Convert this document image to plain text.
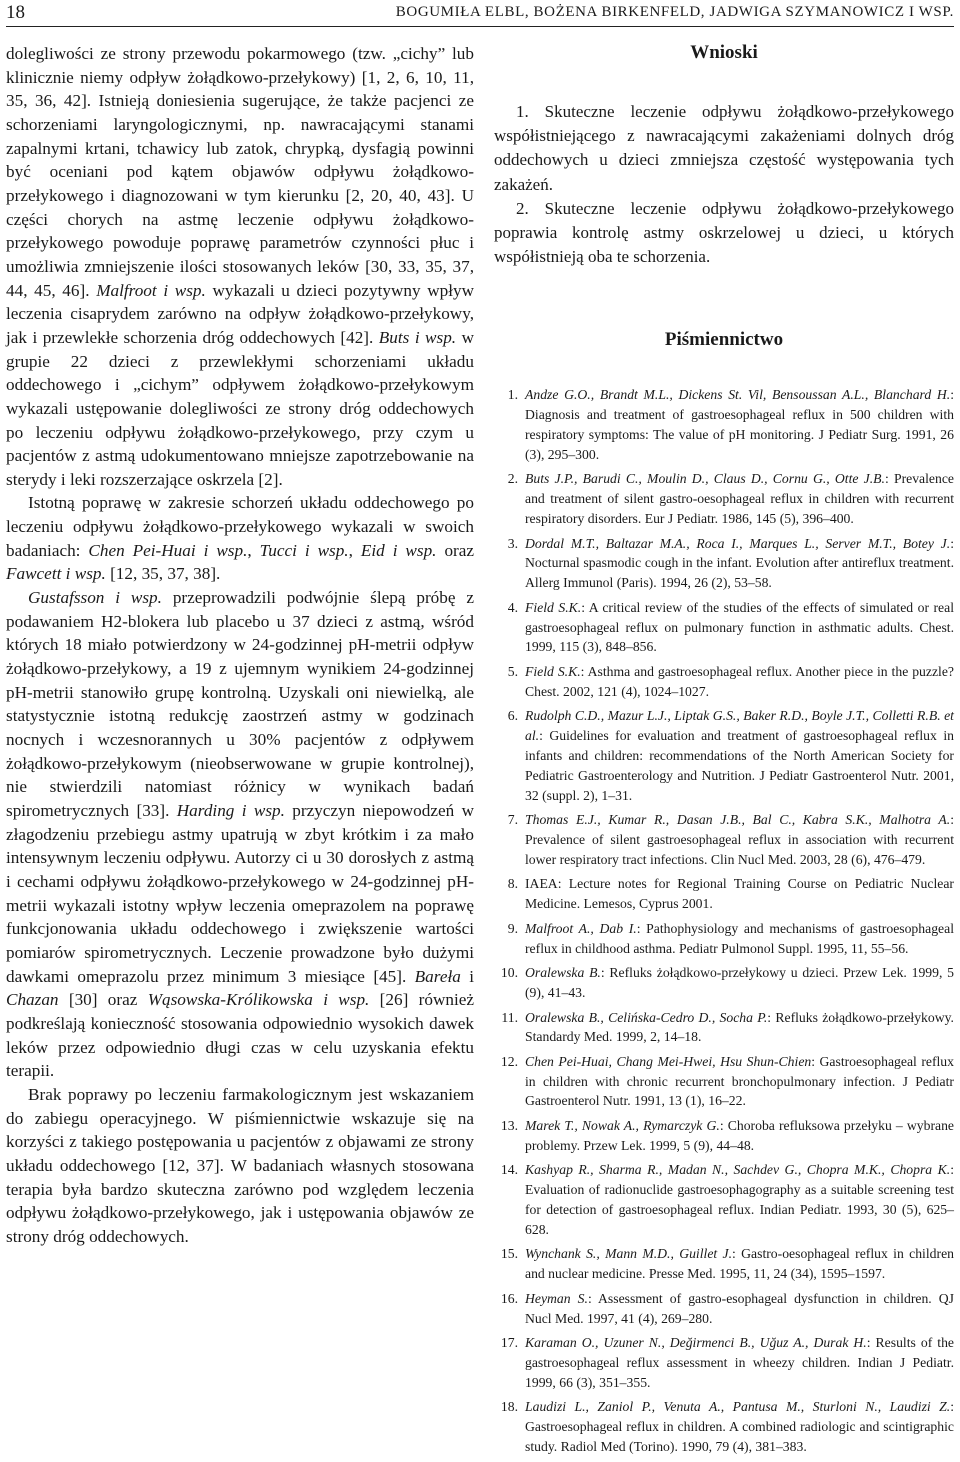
18	BOGUMIŁA ELBL, BOŻENA BIRKENFELD, JADWIGA SZYMANOWICZ I WSP.

dolegliwości ze strony przewodu pokarmowego (tzw. „cichy” lub klinicznie niemy odpływ żołądkowo-przełykowy) [1, 2, 6, 10, 11, 35, 36, 42]. Istnieją doniesienia sugerujące, że także pacjenci ze schorzeniami laryngologicznymi, np. nawracającymi stanami zapalnymi krtani, tchawicy lub zatok, chrypką, dysfagią powinni być oceniani pod kątem objawów odpływu żołądkowo-przełykowego i diagnozowani w tym kierunku [2, 20, 40, 43]. U części chorych na astmę leczenie odpływu żołądkowo-przełykowego powoduje poprawę parametrów czynności płuc i umożliwia zmniejszenie ilości stosowanych leków [30, 33, 35, 37, 44, 45, 46]. Malfroot i wsp. wykazali u dzieci pozytywny wpływ leczenia cisaprydem zarówno na odpływ żołądkowo-przełykowy, jak i przewlekłe schorzenia dróg oddechowych [42]. Buts i wsp. w grupie 22 dzieci z przewlekłymi schorzeniami układu oddechowego i „cichym” odpływem żołądkowo-przełykowym wykazali ustępowanie dolegliwości ze strony dróg oddechowych po leczeniu odpływu żołądkowo-przełykowego, przy czym u pacjentów z astmą udokumentowano mniejsze zapotrzebowanie na sterydy i leki rozszerzające oskrzela [2].

Istotną poprawę w zakresie schorzeń układu oddechowego po leczeniu odpływu żołądkowo-przełykowego wykazali w swoich badaniach: Chen Pei-Huai i wsp., Tucci i wsp., Eid i wsp. oraz Fawcett i wsp. [12, 35, 37, 38].

Gustafsson i wsp. przeprowadzili podwójnie ślepą próbę z podawaniem H2-blokera lub placebo u 37 dzieci z astmą, wśród których 18 miało potwierdzony w 24-godzinnej pH-metrii odpływ żołądkowo-przełykowy, a 19 z ujemnym wynikiem 24-godzinnej pH-metrii stanowiło grupę kontrolną. Uzyskali oni niewielką, ale statystycznie istotną redukcję zaostrzeń astmy w godzinach nocnych i wczesnorannych u 30% pacjentów z odpływem żołądkowo-przełykowym (nieobserwowane w grupie kontrolnej), nie stwierdzili natomiast różnicy w wynikach badań spirometrycznych [33]. Harding i wsp. przyczyn niepowodzeń w złagodzeniu przebiegu astmy upatrują w zbyt krótkim i za mało intensywnym leczeniu odpływu. Autorzy ci u 30 dorosłych z astmą i cechami odpływu żołądkowo-przełykowego w 24-godzinnej pH-metrii wykazali istotny wpływ leczenia omeprazolem na poprawę funkcjonowania układu oddechowego i zwiększenie wartości pomiarów spirometrycznych. Leczenie prowadzone było dużymi dawkami omeprazolu przez minimum 3 miesiące [45]. Bareła i Chazan [30] oraz Wąsowska-Królikowska i wsp. [26] również podkreślają konieczność stosowania odpowiednio wysokich dawek leków przez odpowiednio długi czas w celu uzyskania efektu terapii.

Brak poprawy po leczeniu farmakologicznym jest wskazaniem do zabiegu operacyjnego. W piśmiennictwie wskazuje się na korzyści z takiego postępowania u pacjentów z objawami ze strony układu oddechowego [12, 37]. W badaniach własnych stosowana terapia była bardzo skuteczna zarówno pod względem leczenia odpływu żołądkowo-przełykowego, jak i ustępowania objawów ze strony dróg oddechowych.

Wnioski
1. Skuteczne leczenie odpływu żołądkowo-przełykowego współistniejącego z nawracającymi zakażeniami dolnych dróg oddechowych u dzieci zmniejsza częstość występowania tych zakażeń.
2. Skuteczne leczenie odpływu żołądkowo-przełykowego poprawia kontrolę astmy oskrzelowej u dzieci, u których współistnieją oba te schorzenia.
Piśmiennictwo
1. Andze G.O., Brandt M.L., Dickens St. Vil, Bensoussan A.L., Blanchard H.: Diagnosis and treatment of gastroesophageal reflux in 500 children with respiratory symptoms: The value of pH monitoring. J Pediatr Surg. 1991, 26 (3), 295–300.
2. Buts J.P., Barudi C., Moulin D., Claus D., Cornu G., Otte J.B.: Prevalence and treatment of silent gastro-oesophageal reflux in children with recurrent respiratory disorders. Eur J Pediatr. 1986, 145 (5), 396–400.
3. Dordal M.T., Baltazar M.A., Roca I., Marques L., Server M.T., Botey J.: Nocturnal spasmodic cough in the infant. Evolution after antireflux treatment. Allerg Immunol (Paris). 1994, 26 (2), 53–58.
4. Field S.K.: A critical review of the studies of the effects of simulated or real gastroesophageal reflux on pulmonary function in asthmatic adults. Chest. 1999, 115 (3), 848–856.
5. Field S.K.: Asthma and gastroesophageal reflux. Another piece in the puzzle? Chest. 2002, 121 (4), 1024–1027.
6. Rudolph C.D., Mazur L.J., Liptak G.S., Baker R.D., Boyle J.T., Colletti R.B. et al.: Guidelines for evaluation and treatment of gastroesophageal reflux in infants and children: recommendations of the North American Society for Pediatric Gastroenterology and Nutrition. J Pediatr Gastroenterol Nutr. 2001, 32 (suppl. 2), 1–31.
7. Thomas E.J., Kumar R., Dasan J.B., Bal C., Kabra S.K., Malhotra A.: Prevalence of silent gastroesophageal reflux in association with recurrent lower respiratory tract infections. Clin Nucl Med. 2003, 28 (6), 476–479.
8. IAEA: Lecture notes for Regional Training Course on Pediatric Nuclear Medicine. Lemesos, Cyprus 2001.
9. Malfroot A., Dab I.: Pathophysiology and mechanisms of gastroesophageal reflux in childhood asthma. Pediatr Pulmonol Suppl. 1995, 11, 55–56.
10. Oralewska B.: Refluks żołądkowo-przełykowy u dzieci. Przew Lek. 1999, 5 (9), 41–43.
11. Oralewska B., Celińska-Cedro D., Socha P.: Refluks żołądkowo-przełykowy. Standardy Med. 1999, 2, 14–18.
12. Chen Pei-Huai, Chang Mei-Hwei, Hsu Shun-Chien: Gastroesophageal reflux in children with chronic recurrent bronchopulmonary infection. J Pediatr Gastroenterol Nutr. 1991, 13 (1), 16–22.
13. Marek T., Nowak A., Rymarczyk G.: Choroba refluksowa przełyku – wybrane problemy. Przew Lek. 1999, 5 (9), 44–48.
14. Kashyap R., Sharma R., Madan N., Sachdev G., Chopra M.K., Chopra K.: Evaluation of radionuclide gastroesophagography as a suitable screening test for detection of gastroesophageal reflux. Indian Pediatr. 1993, 30 (5), 625–628.
15. Wynchank S., Mann M.D., Guillet J.: Gastro-oesophageal reflux in children and nuclear medicine. Presse Med. 1995, 11, 24 (34), 1595–1597.
16. Heyman S.: Assessment of gastro-esophageal dysfunction in children. QJ Nucl Med. 1997, 41 (4), 269–280.
17. Karaman O., Uzuner N., Değirmenci B., Uğuz A., Durak H.: Results of the gastroesophageal reflux assessment in wheezy children. Indian J Pediatr. 1999, 66 (3), 351–355.
18. Laudizi L., Zaniol P., Venuta A., Pantusa M., Sturloni N., Laudizi Z.: Gastroesophageal reflux in children. A combined radiologic and scintigraphic study. Radiol Med (Torino). 1990, 79 (4), 381–383.
